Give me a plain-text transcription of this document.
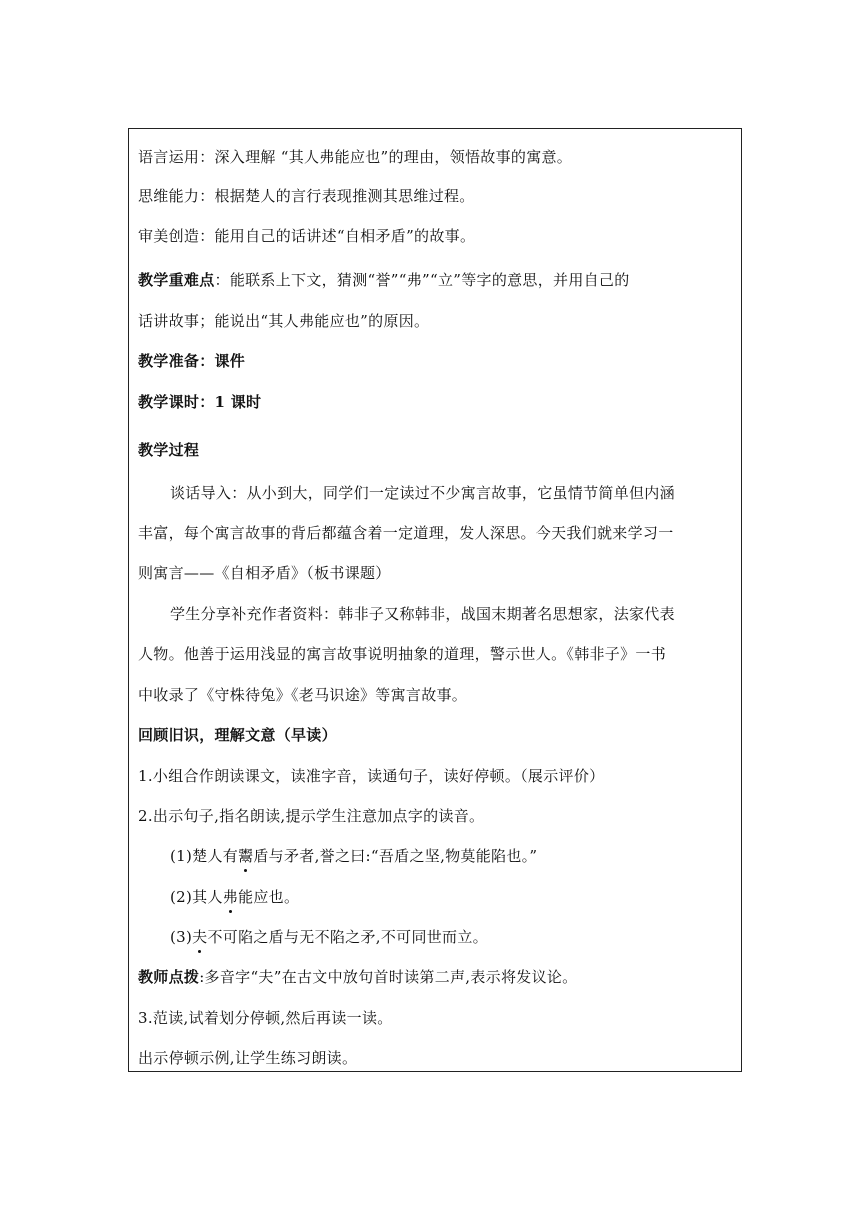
语言运用：深入理解 “其人弗能应也”的理由，领悟故事的寓意。
思维能力：根据楚人的言行表现推测其思维过程。
审美创造：能用自己的话讲述“自相矛盾”的故事。
教学重难点：能联系上下文，猜测“誉”“弗”“立”等字的意思，并用自己的
话讲故事；能说出“其人弗能应也”的原因。
教学准备：课件
教学课时：1 课时
教学过程
谈话导入：从小到大，同学们一定读过不少寓言故事，它虽情节简单但内涵
丰富，每个寓言故事的背后都蕴含着一定道理，发人深思。今天我们就来学习一
则寓言——《自相矛盾》（板书课题）
学生分享补充作者资料：韩非子又称韩非，战国末期著名思想家，法家代表
人物。他善于运用浅显的寓言故事说明抽象的道理，警示世人。《韩非子》一书
中收录了《守株待兔》《老马识途》等寓言故事。
回顾旧识，理解文意（早读）
1.小组合作朗读课文，读准字音，读通句子，读好停顿。（展示评价）
2.出示句子,指名朗读,提示学生注意加点字的读音。
(1)楚人有鬻盾与矛者,誉之曰:“吾盾之坚,物莫能陷也。”
(2)其人弗能应也。
(3)夫不可陷之盾与无不陷之矛,不可同世而立。
教师点拨:多音字“夫”在古文中放句首时读第二声,表示将发议论。
3.范读,试着划分停顿,然后再读一读。
出示停顿示例,让学生练习朗读。
